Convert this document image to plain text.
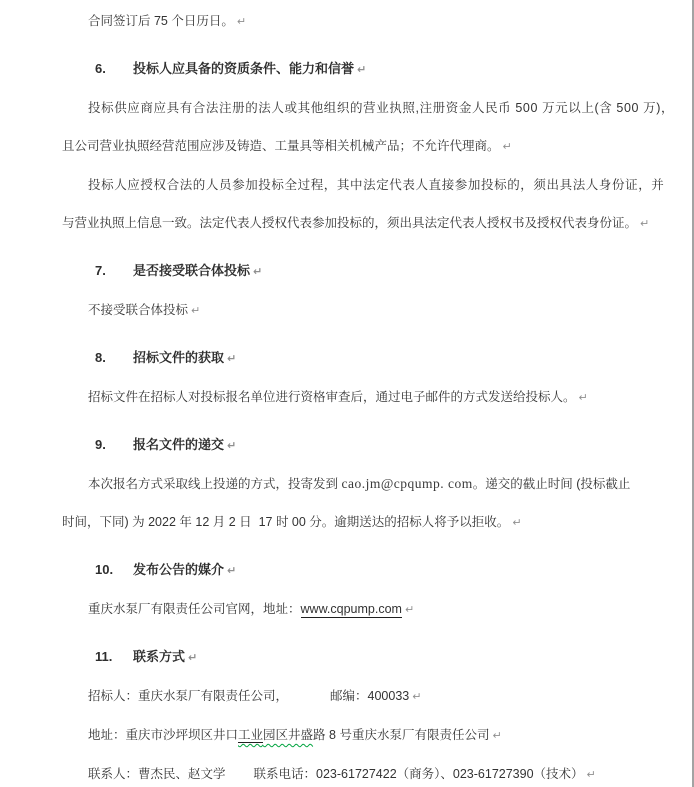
合同签订后 75 个日历日。 ↵

6. 投标人应具备的资质条件、能力和信誉 ↵

投标供应商应具有合法注册的法人或其他组织的营业执照,注册资金人民币 500 万元以上(含 500 万)，

且公司营业执照经营范围应涉及铸造、工量具等相关机械产品；不允许代理商。 ↵

投标人应授权合法的人员参加投标全过程，其中法定代表人直接参加投标的，须出具法人身份证，并

与营业执照上信息一致。法定代表人授权代表参加投标的，须出具法定代表人授权书及授权代表身份证。 ↵

7. 是否接受联合体投标 ↵

不接受联合体投标 ↵

8. 招标文件的获取 ↵

招标文件在招标人对投标报名单位进行资格审查后，通过电子邮件的方式发送给投标人。 ↵

9. 报名文件的递交 ↵

本次报名方式采取线上投递的方式，投寄发到 cao.jm@cpqump. com。递交的截止时间 (投标截止

时间，下同) 为 2022 年 12 月 2 日  17 时 00 分。逾期送达的招标人将予以拒收。 ↵

10. 发布公告的媒介 ↵

重庆水泵厂有限责任公司官网，地址：www.cqpump.com ↵

11. 联系方式 ↵

招标人：重庆水泵厂有限责任公司，	邮编：400033 ↵

地址：重庆市沙坪坝区井口工业园区井盛路 8 号重庆水泵厂有限责任公司 ↵

联系人：曹杰民、赵文学 联系电话：023-61727422（商务）、023-61727390（技术） ↵
